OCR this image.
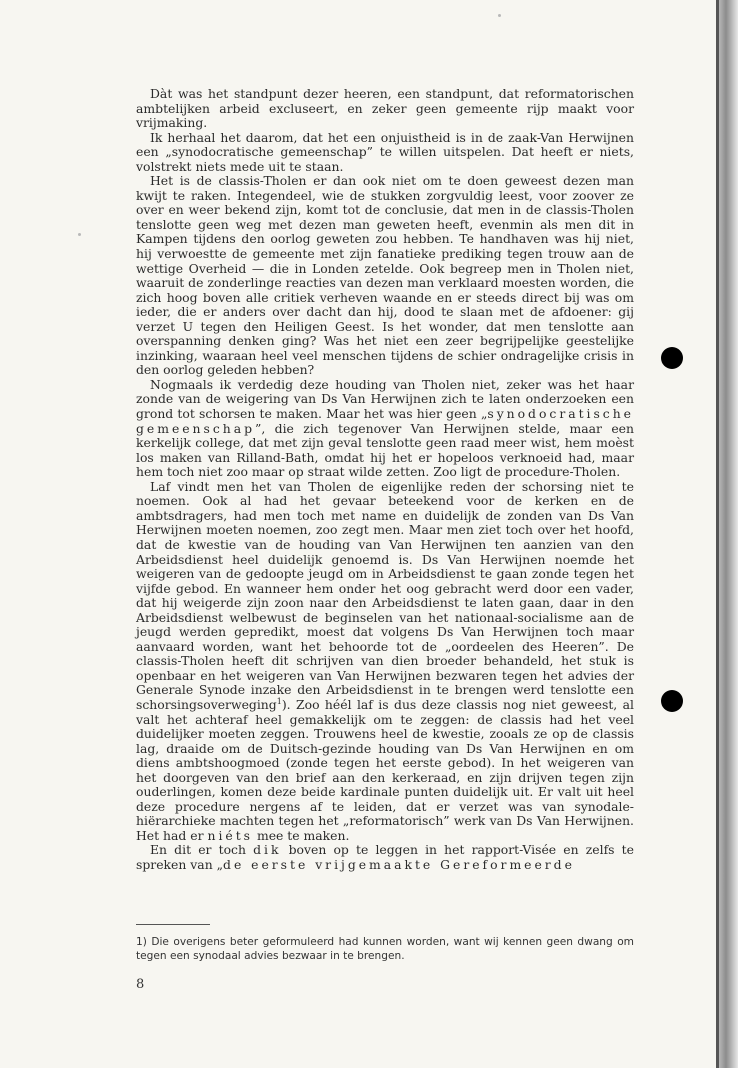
Dàt was het standpunt dezer heeren, een standpunt, dat reformatorischen ambtelijken arbeid excluseert, en zeker geen gemeente rijp maakt voor vrijmaking.

Ik herhaal het daarom, dat het een onjuistheid is in de zaak-Van Herwijnen een „synodocratische gemeenschap” te willen uitspelen. Dat heeft er niets, volstrekt niets mede uit te staan.

Het is de classis-Tholen er dan ook niet om te doen geweest dezen man kwijt te raken. Integendeel, wie de stukken zorgvuldig leest, voor zoover ze over en weer bekend zijn, komt tot de conclusie, dat men in de classis-Tholen tenslotte geen weg met dezen man geweten heeft, evenmin als men dit in Kampen tijdens den oorlog geweten zou hebben. Te handhaven was hij niet, hij verwoestte de gemeente met zijn fanatieke prediking tegen trouw aan de wettige Overheid — die in Londen zetelde. Ook begreep men in Tholen niet, waaruit de zonderlinge reacties van dezen man verklaard moesten worden, die zich hoog boven alle critiek verheven waande en er steeds direct bij was om ieder, die er anders over dacht dan hij, dood te slaan met de afdoener: gij verzet U tegen den Heiligen Geest. Is het wonder, dat men tenslotte aan overspanning denken ging? Was het niet een zeer begrijpelijke geestelijke inzinking, waaraan heel veel menschen tijdens de schier ondragelijke crisis in den oorlog geleden hebben?

Nogmaals ik verdedig deze houding van Tholen niet, zeker was het haar zonde van de weigering van Ds Van Herwijnen zich te laten onderzoeken een grond tot schorsen te maken. Maar het was hier geen „synodocratische gemeenschap”, die zich tegenover Van Herwijnen stelde, maar een kerkelijk college, dat met zijn geval tenslotte geen raad meer wist, hem moèst los maken van Rilland-Bath, omdat hij het er hopeloos verknoeid had, maar hem toch niet zoo maar op straat wilde zetten. Zoo ligt de procedure-Tholen.

Laf vindt men het van Tholen de eigenlijke reden der schorsing niet te noemen. Ook al had het gevaar beteekend voor de kerken en de ambtsdragers, had men toch met name en duidelijk de zonden van Ds Van Herwijnen moeten noemen, zoo zegt men. Maar men ziet toch over het hoofd, dat de kwestie van de houding van Van Herwijnen ten aanzien van den Arbeidsdienst heel duidelijk genoemd is. Ds Van Herwijnen noemde het weigeren van de gedoopte jeugd om in Arbeidsdienst te gaan zonde tegen het vijfde gebod. En wanneer hem onder het oog gebracht werd door een vader, dat hij weigerde zijn zoon naar den Arbeidsdienst te laten gaan, daar in den Arbeidsdienst welbewust de beginselen van het nationaal-socialisme aan de jeugd werden gepredikt, moest dat volgens Ds Van Herwijnen toch maar aanvaard worden, want het behoorde tot de „oordeelen des Heeren”. De classis-Tholen heeft dit schrijven van dien broeder behandeld, het stuk is openbaar en het weigeren van Van Herwijnen bezwaren tegen het advies der Generale Synode inzake den Arbeidsdienst in te brengen werd tenslotte een schorsingsoverweging$^1$). Zoo héél laf is dus deze classis nog niet geweest, al valt het achteraf heel gemakkelijk om te zeggen: de classis had het veel duidelijker moeten zeggen. Trouwens heel de kwestie, zooals ze op de classis lag, draaide om de Duitsch-gezinde houding van Ds Van Herwijnen en om diens ambtshoogmoed (zonde tegen het eerste gebod). In het weigeren van het doorgeven van den brief aan den kerkeraad, en zijn drijven tegen zijn ouderlingen, komen deze beide kardinale punten duidelijk uit. Er valt uit heel deze procedure nergens af te leiden, dat er verzet was van synodale-hiërarchieke machten tegen het „reformatorisch” werk van Ds Van Herwijnen. Het had er niéts mee te maken.

En dit er toch dik boven op te leggen in het rapport-Visée en zelfs te spreken van „de eerste vrijgemaakte Gereformeerde

1) Die overigens beter geformuleerd had kunnen worden, want wij kennen geen dwang om tegen een synodaal advies bezwaar in te brengen.

8
